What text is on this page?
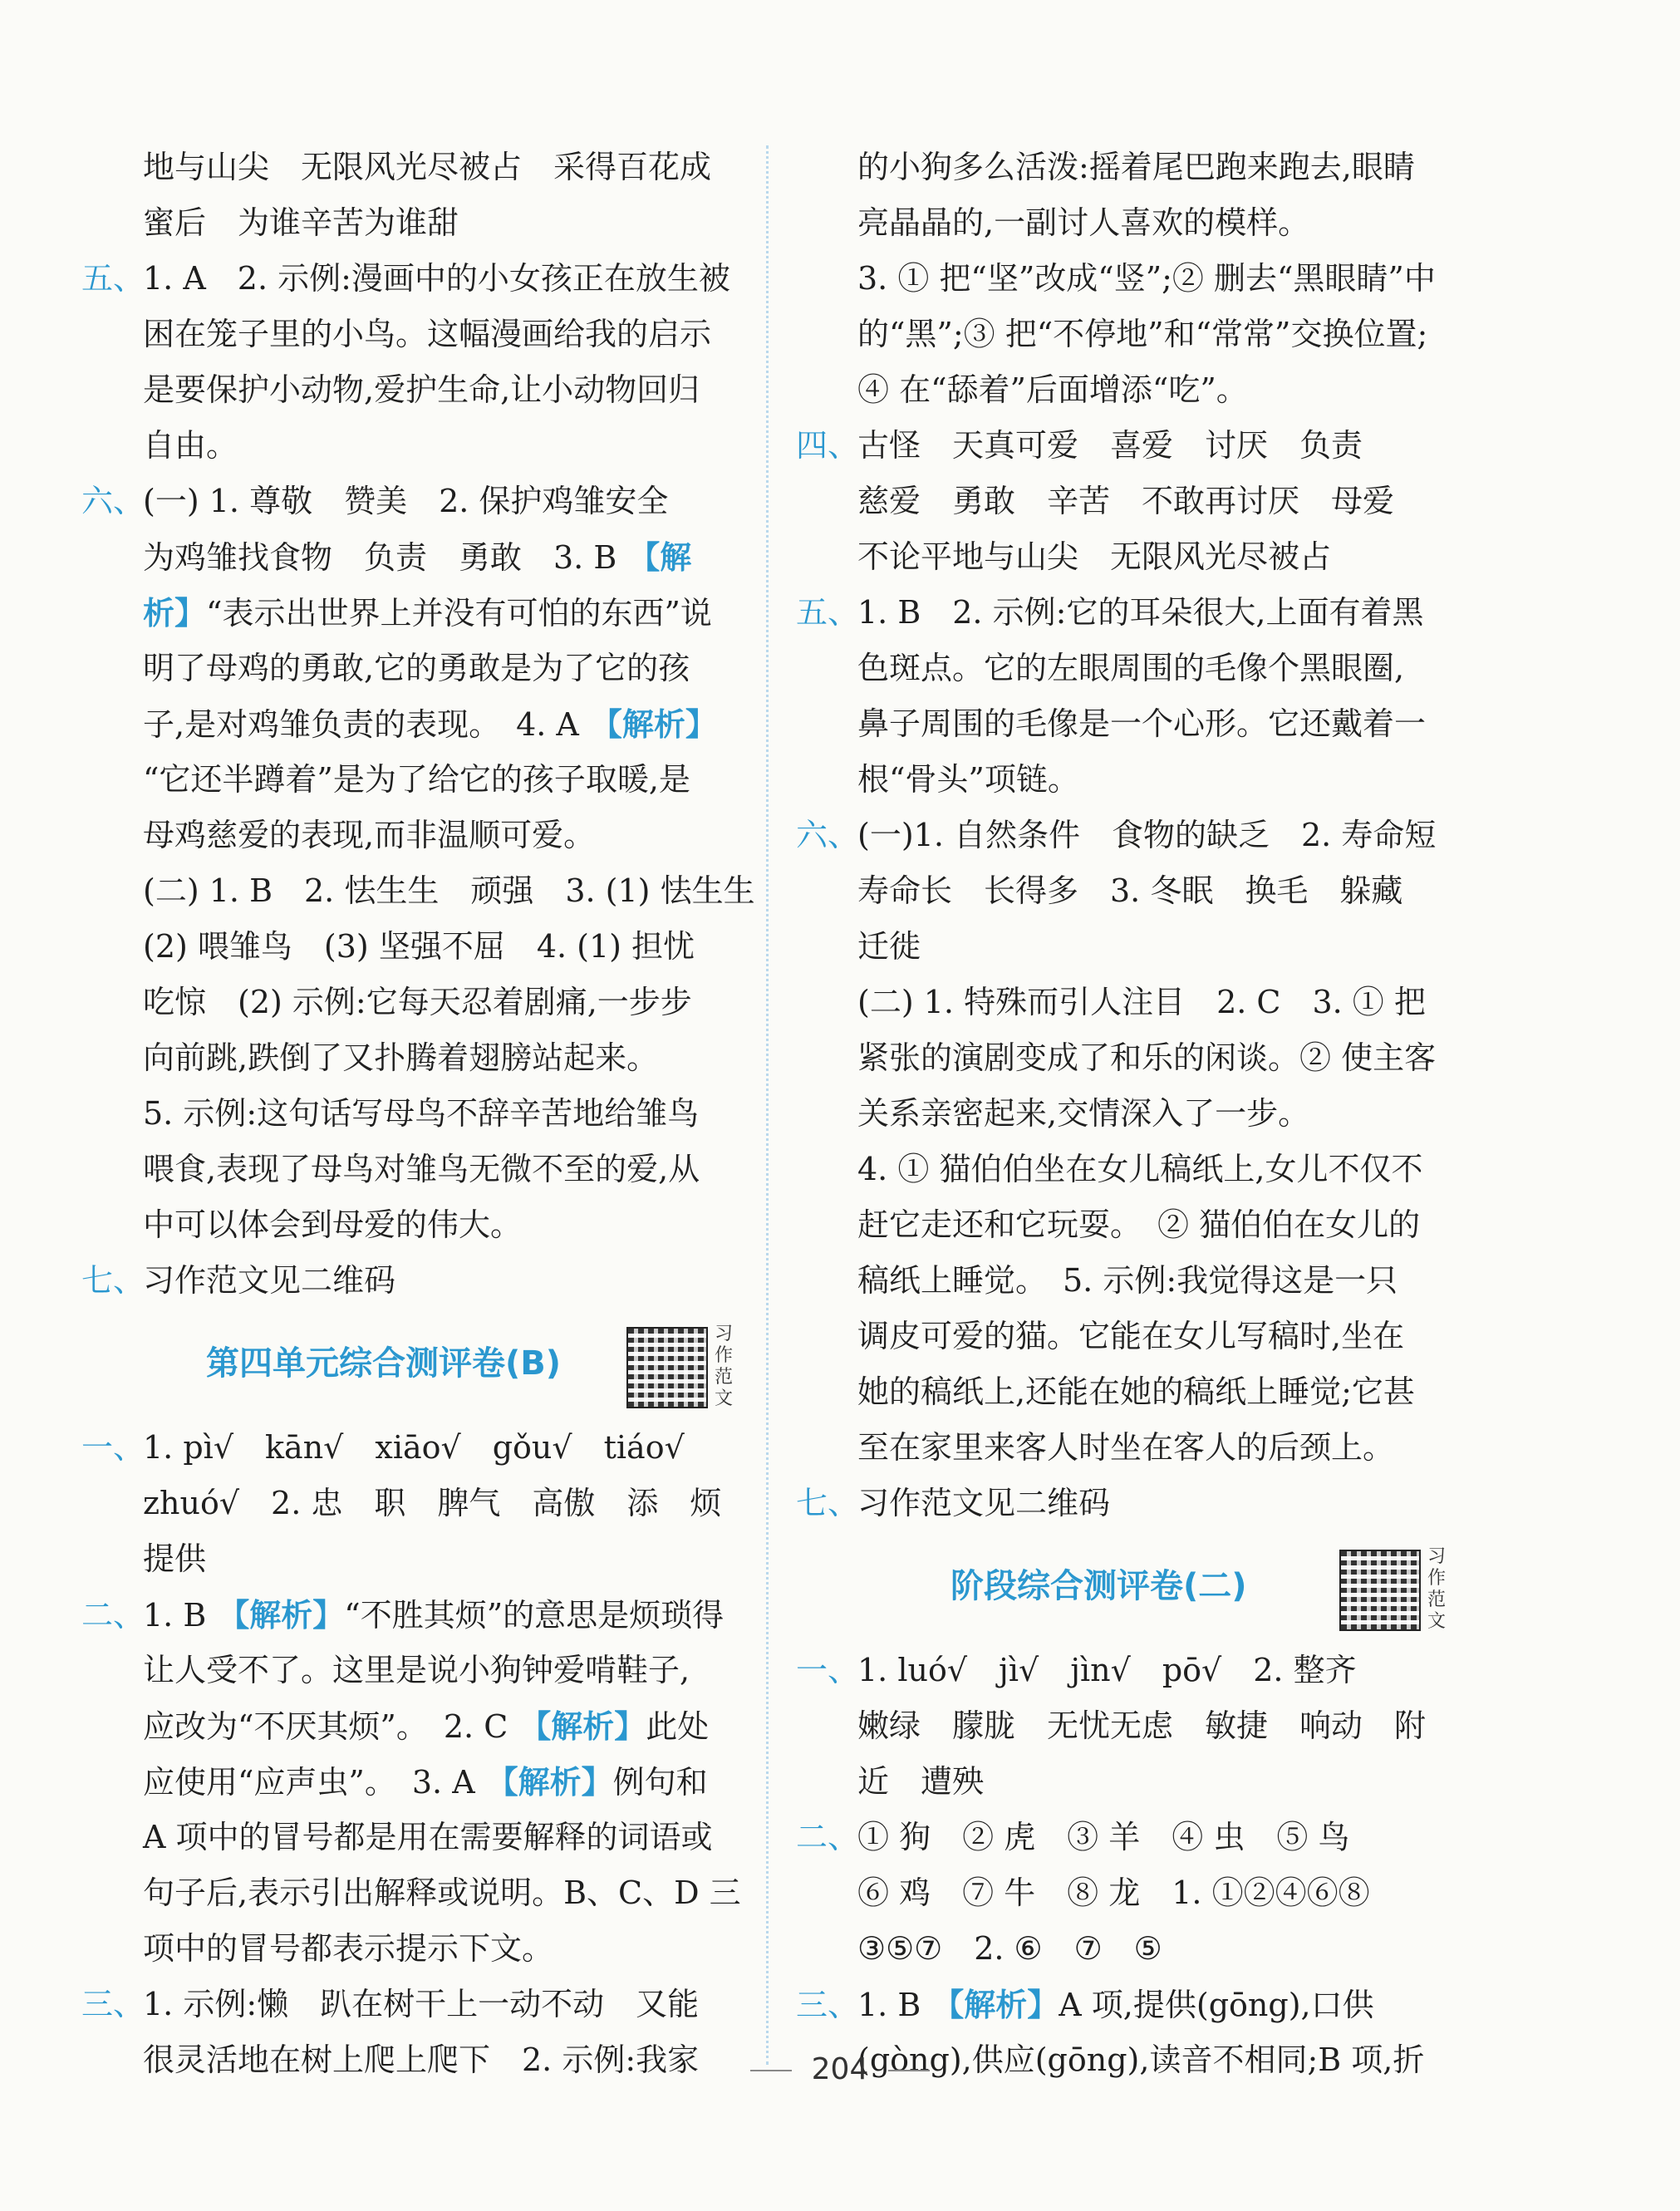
地与山尖　无限风光尽被占　采得百花成
蜜后　为谁辛苦为谁甜
五、1. A　2. 示例:漫画中的小女孩正在放生被
困在笼子里的小鸟。这幅漫画给我的启示
是要保护小动物,爱护生命,让小动物回归
自由。
六、(一) 1. 尊敬　赞美　2. 保护鸡雏安全
为鸡雏找食物　负责　勇敢　3. B 【解
析】“表示出世界上并没有可怕的东西”说
明了母鸡的勇敢,它的勇敢是为了它的孩
子,是对鸡雏负责的表现。　4. A 【解析】
“它还半蹲着”是为了给它的孩子取暖,是
母鸡慈爱的表现,而非温顺可爱。
(二) 1. B　2. 怯生生　顽强　3. (1) 怯生生
(2) 喂雏鸟　(3) 坚强不屈　4. (1) 担忧
吃惊　(2) 示例:它每天忍着剧痛,一步步
向前跳,跌倒了又扑腾着翅膀站起来。
5. 示例:这句话写母鸟不辞辛苦地给雏鸟
喂食,表现了母鸟对雏鸟无微不至的爱,从
中可以体会到母爱的伟大。
七、习作范文见二维码
第四单元综合测评卷(B)
习作范文
一、1. pì√　kān√　xiāo√　gǒu√　tiáo√
zhuó√　2. 忠　职　脾气　高傲　添　烦
提供
二、1. B 【解析】“不胜其烦”的意思是烦琐得
让人受不了。这里是说小狗钟爱啃鞋子,
应改为“不厌其烦”。　2. C 【解析】此处
应使用“应声虫”。　3. A 【解析】例句和
A 项中的冒号都是用在需要解释的词语或
句子后,表示引出解释或说明。B、C、D 三
项中的冒号都表示提示下文。
三、1. 示例:懒　趴在树干上一动不动　又能
很灵活地在树上爬上爬下　2. 示例:我家
的小狗多么活泼:摇着尾巴跑来跑去,眼睛
亮晶晶的,一副讨人喜欢的模样。
3. ① 把“坚”改成“竖”;② 删去“黑眼睛”中
的“黑”;③ 把“不停地”和“常常”交换位置;
④ 在“舔着”后面增添“吃”。
四、古怪　天真可爱　喜爱　讨厌　负责
慈爱　勇敢　辛苦　不敢再讨厌　母爱
不论平地与山尖　无限风光尽被占
五、1. B　2. 示例:它的耳朵很大,上面有着黑
色斑点。它的左眼周围的毛像个黑眼圈,
鼻子周围的毛像是一个心形。它还戴着一
根“骨头”项链。
六、(一)1. 自然条件　食物的缺乏　2. 寿命短
寿命长　长得多　3. 冬眠　换毛　躲藏
迁徙
(二) 1. 特殊而引人注目　2. C　3. ① 把
紧张的演剧变成了和乐的闲谈。② 使主客
关系亲密起来,交情深入了一步。
4. ① 猫伯伯坐在女儿稿纸上,女儿不仅不
赶它走还和它玩耍。　② 猫伯伯在女儿的
稿纸上睡觉。　5. 示例:我觉得这是一只
调皮可爱的猫。它能在女儿写稿时,坐在
她的稿纸上,还能在她的稿纸上睡觉;它甚
至在家里来客人时坐在客人的后颈上。
七、习作范文见二维码
阶段综合测评卷(二)
习作范文
一、1. luó√　jì√　jìn√　pō√　2. 整齐
嫩绿　朦胧　无忧无虑　敏捷　响动　附
近　遭殃
二、① 狗　② 虎　③ 羊　④ 虫　⑤ 鸟
⑥ 鸡　⑦ 牛　⑧ 龙　1. ①②④⑥⑧
③⑤⑦　2. ⑥　⑦　⑤
三、1. B 【解析】A 项,提供(gōng),口供
(gòng),供应(gōng),读音不相同;B 项,折
204
